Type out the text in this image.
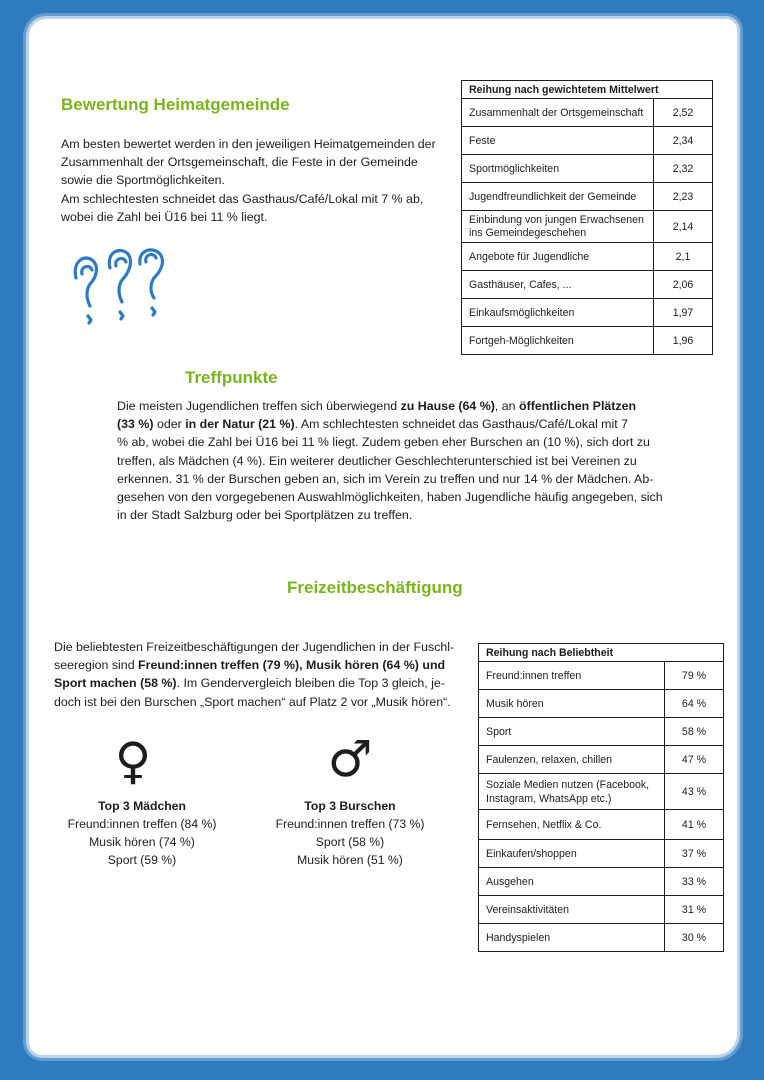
Bewertung Heimatgemeinde
Am besten bewertet werden in den jeweiligen Heimatgemeinden der
Zusammenhalt der Ortsgemeinschaft, die Feste in der Gemeinde
sowie die Sportmöglichkeiten.
Am schlechtesten schneidet das Gasthaus/Café/Lokal mit 7 % ab,
wobei die Zahl bei Ü16 bei 11 % liegt.
Reihung nach gewichtetem Mittelwert	
Zusammenhalt der Ortsgemeinschaft	2,52
Feste	2,34
Sportmöglichkeiten	2,32
Jugendfreundlichkeit der Gemeinde	2,23
Einbindung von jungen Erwachsenen ins Gemeindegeschehen	2,14
Angebote für Jugendliche	2,1
Gasthäuser, Cafes, ...	2,06
Einkaufsmöglichkeiten	1,97
Fortgeh-Möglichkeiten	1,96
Treffpunkte
Die meisten Jugendlichen treffen sich überwiegend zu Hause (64 %), an öffentlichen Plätzen
(33 %) oder in der Natur (21 %). Am schlechtesten schneidet das Gasthaus/Café/Lokal mit 7
% ab, wobei die Zahl bei Ü16 bei 11 % liegt. Zudem geben eher Burschen an (10 %), sich dort zu
treffen, als Mädchen (4 %). Ein weiterer deutlicher Geschlechterunterschied ist bei Vereinen zu
erkennen. 31 % der Burschen geben an, sich im Verein zu treffen und nur 14 % der Mädchen. Ab-
gesehen von den vorgegebenen Auswahlmöglichkeiten, haben Jugendliche häufig angegeben, sich
in der Stadt Salzburg oder bei Sportplätzen zu treffen.
Freizeitbeschäftigung
Die beliebtesten Freizeitbeschäftigungen der Jugendlichen in der Fuschl-
seeregion sind Freund:innen treffen (79 %), Musik hören (64 %) und
Sport machen (58 %). Im Gendervergleich bleiben die Top 3 gleich, je-
doch ist bei den Burschen „Sport machen“ auf Platz 2 vor „Musik hören“.
♀	♂
Top 3 Mädchen
Freund:innen treffen (84 %)
Musik hören (74 %)
Sport (59 %)
Top 3 Burschen
Freund:innen treffen (73 %)
Sport (58 %)
Musik hören (51 %)
Reihung nach Beliebtheit	
Freund:innen treffen	79 %
Musik hören	64 %
Sport	58 %
Faulenzen, relaxen, chillen	47 %
Soziale Medien nutzen (Facebook, Instagram, WhatsApp etc.)	43 %
Fernsehen, Netflix & Co.	41 %
Einkaufen/shoppen	37 %
Ausgehen	33 %
Vereinsaktivitäten	31 %
Handyspielen	30 %
